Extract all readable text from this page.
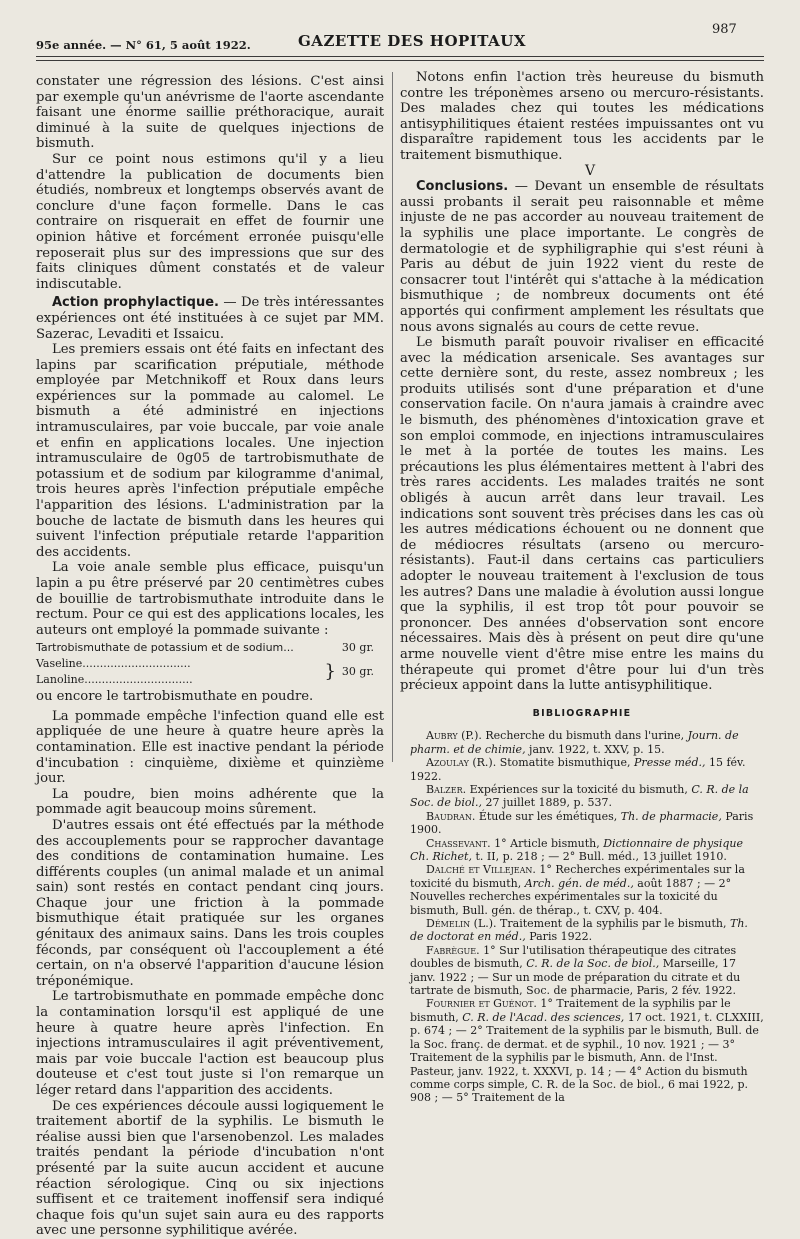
95e année. — N° 61, 5 août 1922.	GAZETTE DES HOPITAUX
987

constater une régression des lésions. C'est ainsi par exemple qu'un anévrisme de l'aorte ascendante faisant une énorme saillie préthoracique, aurait diminué à la suite de quelques injections de bismuth.

Sur ce point nous estimons qu'il y a lieu d'attendre la publication de documents bien étudiés, nombreux et longtemps observés avant de conclure d'une façon formelle. Dans le cas contraire on risquerait en effet de fournir une opinion hâtive et forcément erronée puisqu'elle reposerait plus sur des impressions que sur des faits cliniques dûment constatés et de valeur indiscutable.

Action prophylactique. — De très intéressantes expériences ont été instituées à ce sujet par MM. Sazerac, Levaditi et Issaicu.

Les premiers essais ont été faits en infectant des lapins par scarification préputiale, méthode employée par Metchnikoff et Roux dans leurs expériences sur la pommade au calomel. Le bismuth a été administré en injections intramusculaires, par voie buccale, par voie anale et enfin en applications locales. Une injection intramusculaire de 0g05 de tartrobismuthate de potassium et de sodium par kilogramme d'animal, trois heures après l'infection préputiale empêche l'apparition des lésions. L'administration par la bouche de lactate de bismuth dans les heures qui suivent l'infection préputiale retarde l'apparition des accidents.

La voie anale semble plus efficace, puisqu'un lapin a pu être préservé par 20 centimètres cubes de bouillie de tartrobismuthate introduite dans le rectum. Pour ce qui est des applications locales, les auteurs ont employé la pommade suivante :

Tartrobismuthate de potassium et de sodium...	30 gr.
Vaseline...............................
Lanoline...............................	} 30 gr.

ou encore le tartrobismuthate en poudre.

La pommade empêche l'infection quand elle est appliquée de une heure à quatre heure après la contamination. Elle est inactive pendant la période d'incubation : cinquième, dixième et quinzième jour.

La poudre, bien moins adhérente que la pommade agit beaucoup moins sûrement.

D'autres essais ont été effectués par la méthode des accouplements pour se rapprocher davantage des conditions de contamination humaine. Les différents couples (un animal malade et un animal sain) sont restés en contact pendant cinq jours. Chaque jour une friction à la pommade bismuthique était pratiquée sur les organes génitaux des animaux sains. Dans les trois couples féconds, par conséquent où l'accouplement a été certain, on n'a observé l'apparition d'aucune lésion tréponémique.

Le tartrobismuthate en pommade empêche donc la contamination lorsqu'il est appliqué de une heure à quatre heure après l'infection. En injections intramusculaires il agit préventivement, mais par voie buccale l'action est beaucoup plus douteuse et c'est tout juste si l'on remarque un léger retard dans l'apparition des accidents.

De ces expériences découle aussi logiquement le traitement abortif de la syphilis. Le bismuth le réalise aussi bien que l'arsenobenzol. Les malades traités pendant la période d'incubation n'ont présenté par la suite aucun accident et aucune réaction sérologique. Cinq ou six injections suffisent et ce traitement inoffensif sera indiqué chaque fois qu'un sujet sain aura eu des rapports avec une personne syphilitique avérée.

Notons enfin l'action très heureuse du bismuth contre les tréponèmes arseno ou mercuro-résistants. Des malades chez qui toutes les médications antisyphilitiques étaient restées impuissantes ont vu disparaître rapidement tous les accidents par le traitement bismuthique.

V

Conclusions. — Devant un ensemble de résultats aussi probants il serait peu raisonnable et même injuste de ne pas accorder au nouveau traitement de la syphilis une place importante. Le congrès de dermatologie et de syphiligraphie qui s'est réuni à Paris au début de juin 1922 vient du reste de consacrer tout l'intérêt qui s'attache à la médication bismuthique ; de nombreux documents ont été apportés qui confirment amplement les résultats que nous avons signalés au cours de cette revue.

Le bismuth paraît pouvoir rivaliser en efficacité avec la médication arsenicale. Ses avantages sur cette dernière sont, du reste, assez nombreux ; les produits utilisés sont d'une préparation et d'une conservation facile. On n'aura jamais à craindre avec le bismuth, des phénomènes d'intoxication grave et son emploi commode, en injections intramusculaires le met à la portée de toutes les mains. Les précautions les plus élémentaires mettent à l'abri des très rares accidents. Les malades traités ne sont obligés à aucun arrêt dans leur travail. Les indications sont souvent très précises dans les cas où les autres médications échouent ou ne donnent que de médiocres résultats (arseno ou mercuro-résistants). Faut-il dans certains cas particuliers adopter le nouveau traitement à l'exclusion de tous les autres? Dans une maladie à évolution aussi longue que la syphilis, il est trop tôt pour pouvoir se prononcer. Des années d'observation sont encore nécessaires. Mais dès à présent on peut dire qu'une arme nouvelle vient d'être mise entre les mains du thérapeute qui promet d'être pour lui d'un très précieux appoint dans la lutte antisyphilitique.

BIBLIOGRAPHIE

Aubry (P.). Recherche du bismuth dans l'urine, Journ. de pharm. et de chimie, janv. 1922, t. XXV, p. 15.

Azoulay (R.). Stomatite bismuthique, Presse méd., 15 fév. 1922.

Balzer. Expériences sur la toxicité du bismuth, C. R. de la Soc. de biol., 27 juillet 1889, p. 537.

Baudran. Étude sur les émétiques, Th. de pharmacie, Paris 1900.

Chassevant. 1° Article bismuth, Dictionnaire de physique Ch. Richet, t. II, p. 218 ; — 2° Bull. méd., 13 juillet 1910.

Dalché et Villejean. 1° Recherches expérimentales sur la toxicité du bismuth, Arch. gén. de méd., août 1887 ; — 2° Nouvelles recherches expérimentales sur la toxicité du bismuth, Bull. gén. de thérap., t. CXV, p. 404.

Démelin (L.). Traitement de la syphilis par le bismuth, Th. de doctorat en méd., Paris 1922.

Fabrègue. 1° Sur l'utilisation thérapeutique des citrates doubles de bismuth, C. R. de la Soc. de biol., Marseille, 17 janv. 1922 ; — Sur un mode de préparation du citrate et du tartrate de bismuth, Soc. de pharmacie, Paris, 2 fév. 1922.

Fournier et Guénot. 1° Traitement de la syphilis par le bismuth, C. R. de l'Acad. des sciences, 17 oct. 1921, t. CLXXIII, p. 674 ; — 2° Traitement de la syphilis par le bismuth, Bull. de la Soc. franç. de dermat. et de syphil., 10 nov. 1921 ; — 3° Traitement de la syphilis par le bismuth, Ann. de l'Inst. Pasteur, janv. 1922, t. XXXVI, p. 14 ; — 4° Action du bismuth comme corps simple, C. R. de la Soc. de biol., 6 mai 1922, p. 908 ; — 5° Traitement de la
